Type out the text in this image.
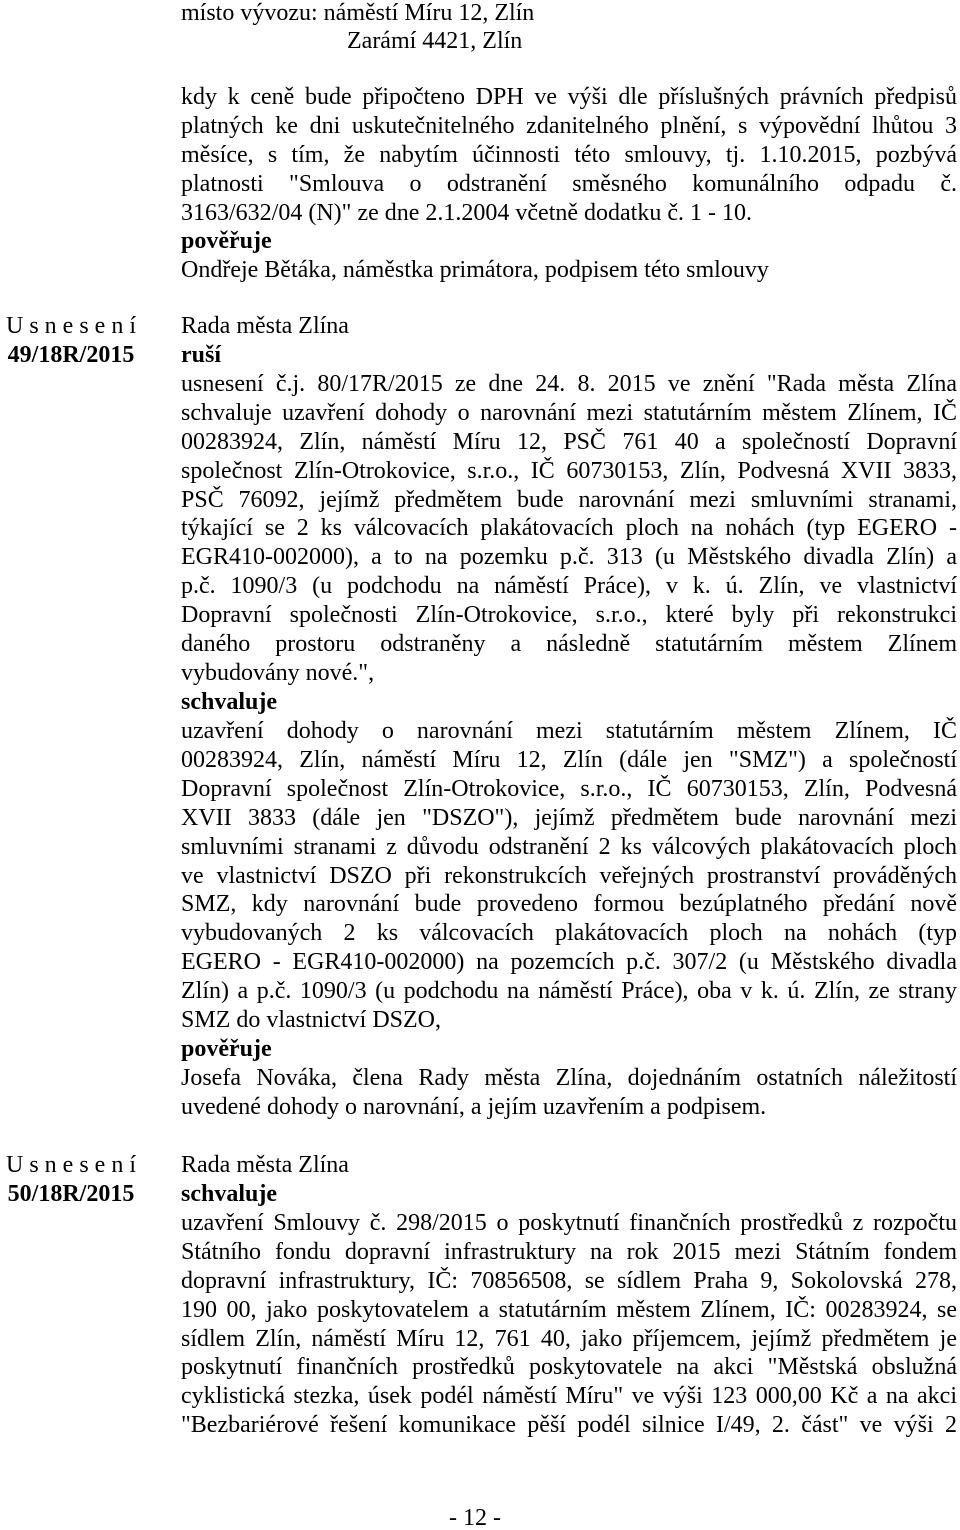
místo vývozu: náměstí Míru 12, Zlín
Zarámí 4421, Zlín
kdy k ceně bude připočteno DPH ve výši dle příslušných právních předpisů
platných ke dni uskutečnitelného zdanitelného plnění, s výpovědní lhůtou 3
měsíce, s tím, že nabytím účinnosti této smlouvy, tj. 1.10.2015, pozbývá
platnosti "Smlouva o odstranění směsného komunálního odpadu č.
3163/632/04 (N)" ze dne 2.1.2004 včetně dodatku č. 1 - 10.
pověřuje
Ondřeje Bětáka, náměstka primátora, podpisem této smlouvy
U s n e s e n í
49/18R/2015
Rada města Zlína
ruší
usnesení č.j. 80/17R/2015 ze dne 24. 8. 2015 ve znění "Rada města Zlína
schvaluje uzavření dohody o narovnání mezi statutárním městem Zlínem, IČ
00283924, Zlín, náměstí Míru 12, PSČ 761 40 a společností Dopravní
společnost Zlín-Otrokovice, s.r.o., IČ 60730153, Zlín, Podvesná XVII 3833,
PSČ 76092, jejímž předmětem bude narovnání mezi smluvními stranami,
týkající se 2 ks válcovacích plakátovacích ploch na nohách (typ EGERO -
EGR410-002000), a to na pozemku p.č. 313 (u Městského divadla Zlín) a
p.č. 1090/3 (u podchodu na náměstí Práce), v k. ú. Zlín, ve vlastnictví
Dopravní společnosti Zlín-Otrokovice, s.r.o., které byly při rekonstrukci
daného prostoru odstraněny a následně statutárním městem Zlínem
vybudovány nové.",
schvaluje
uzavření dohody o narovnání mezi statutárním městem Zlínem, IČ
00283924, Zlín, náměstí Míru 12, Zlín (dále jen "SMZ") a společností
Dopravní společnost Zlín-Otrokovice, s.r.o., IČ 60730153, Zlín, Podvesná
XVII 3833 (dále jen "DSZO"), jejímž předmětem bude narovnání mezi
smluvními stranami z důvodu odstranění 2 ks válcových plakátovacích ploch
ve vlastnictví DSZO při rekonstrukcích veřejných prostranství prováděných
SMZ, kdy narovnání bude provedeno formou bezúplatného předání nově
vybudovaných 2 ks válcovacích plakátovacích ploch na nohách (typ
EGERO - EGR410-002000) na pozemcích p.č. 307/2 (u Městského divadla
Zlín) a p.č. 1090/3 (u podchodu na náměstí Práce), oba v k. ú. Zlín, ze strany
SMZ do vlastnictví DSZO,
pověřuje
Josefa Nováka, člena Rady města Zlína, dojednáním ostatních náležitostí
uvedené dohody o narovnání, a jejím uzavřením a podpisem.
U s n e s e n í
50/18R/2015
Rada města Zlína
schvaluje
uzavření Smlouvy č. 298/2015 o poskytnutí finančních prostředků z rozpočtu
Státního fondu dopravní infrastruktury na rok 2015 mezi Státním fondem
dopravní infrastruktury, IČ: 70856508, se sídlem Praha 9, Sokolovská 278,
190 00, jako poskytovatelem a statutárním městem Zlínem, IČ: 00283924, se
sídlem Zlín, náměstí Míru 12, 761 40, jako příjemcem, jejímž předmětem je
poskytnutí finančních prostředků poskytovatele na akci "Městská obslužná
cyklistická stezka, úsek podél náměstí Míru" ve výši 123 000,00 Kč a na akci
"Bezbariérové řešení komunikace pěší podél silnice I/49, 2. část" ve výši 2
- 12 -
